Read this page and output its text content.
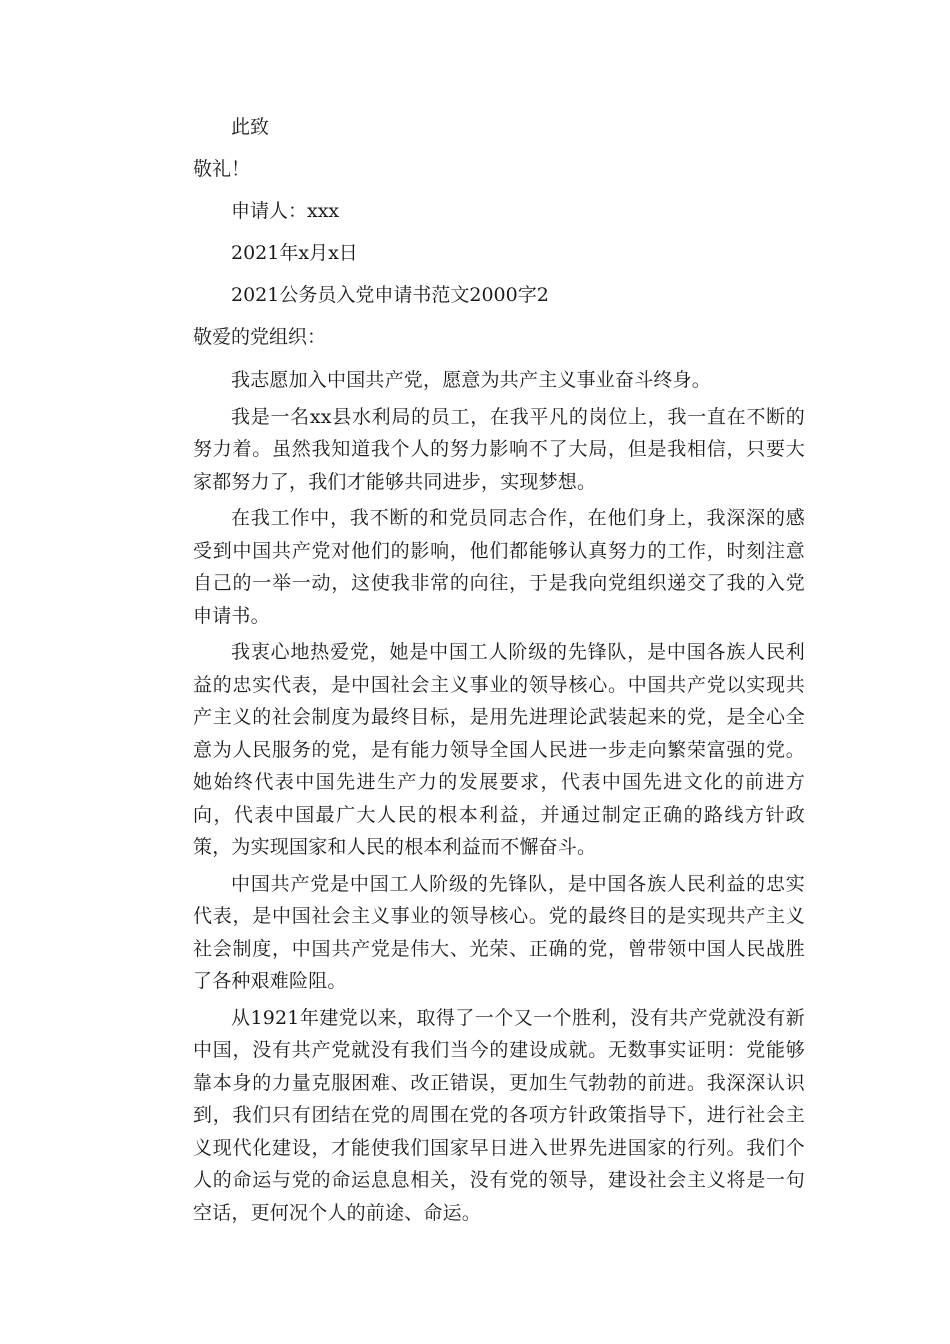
此致

敬礼！

申请人：xxx

2021年x月x日

2021公务员入党申请书范文2000字2

敬爱的党组织：

我志愿加入中国共产党，愿意为共产主义事业奋斗终身。

我是一名xx县水利局的员工，在我平凡的岗位上，我一直在不断的努力着。虽然我知道我个人的努力影响不了大局，但是我相信，只要大家都努力了，我们才能够共同进步，实现梦想。

在我工作中，我不断的和党员同志合作，在他们身上，我深深的感受到中国共产党对他们的影响，他们都能够认真努力的工作，时刻注意自己的一举一动，这使我非常的向往，于是我向党组织递交了我的入党申请书。

我衷心地热爱党，她是中国工人阶级的先锋队，是中国各族人民利益的忠实代表，是中国社会主义事业的领导核心。中国共产党以实现共产主义的社会制度为最终目标，是用先进理论武装起来的党，是全心全意为人民服务的党，是有能力领导全国人民进一步走向繁荣富强的党。她始终代表中国先进生产力的发展要求，代表中国先进文化的前进方向，代表中国最广大人民的根本利益，并通过制定正确的路线方针政策，为实现国家和人民的根本利益而不懈奋斗。

中国共产党是中国工人阶级的先锋队，是中国各族人民利益的忠实代表，是中国社会主义事业的领导核心。党的最终目的是实现共产主义社会制度，中国共产党是伟大、光荣、正确的党，曾带领中国人民战胜了各种艰难险阻。

从1921年建党以来，取得了一个又一个胜利，没有共产党就没有新中国，没有共产党就没有我们当今的建设成就。无数事实证明：党能够靠本身的力量克服困难、改正错误，更加生气勃勃的前进。我深深认识到，我们只有团结在党的周围在党的各项方针政策指导下，进行社会主义现代化建设，才能使我们国家早日进入世界先进国家的行列。我们个人的命运与党的命运息息相关，没有党的领导，建设社会主义将是一句空话，更何况个人的前途、命运。
